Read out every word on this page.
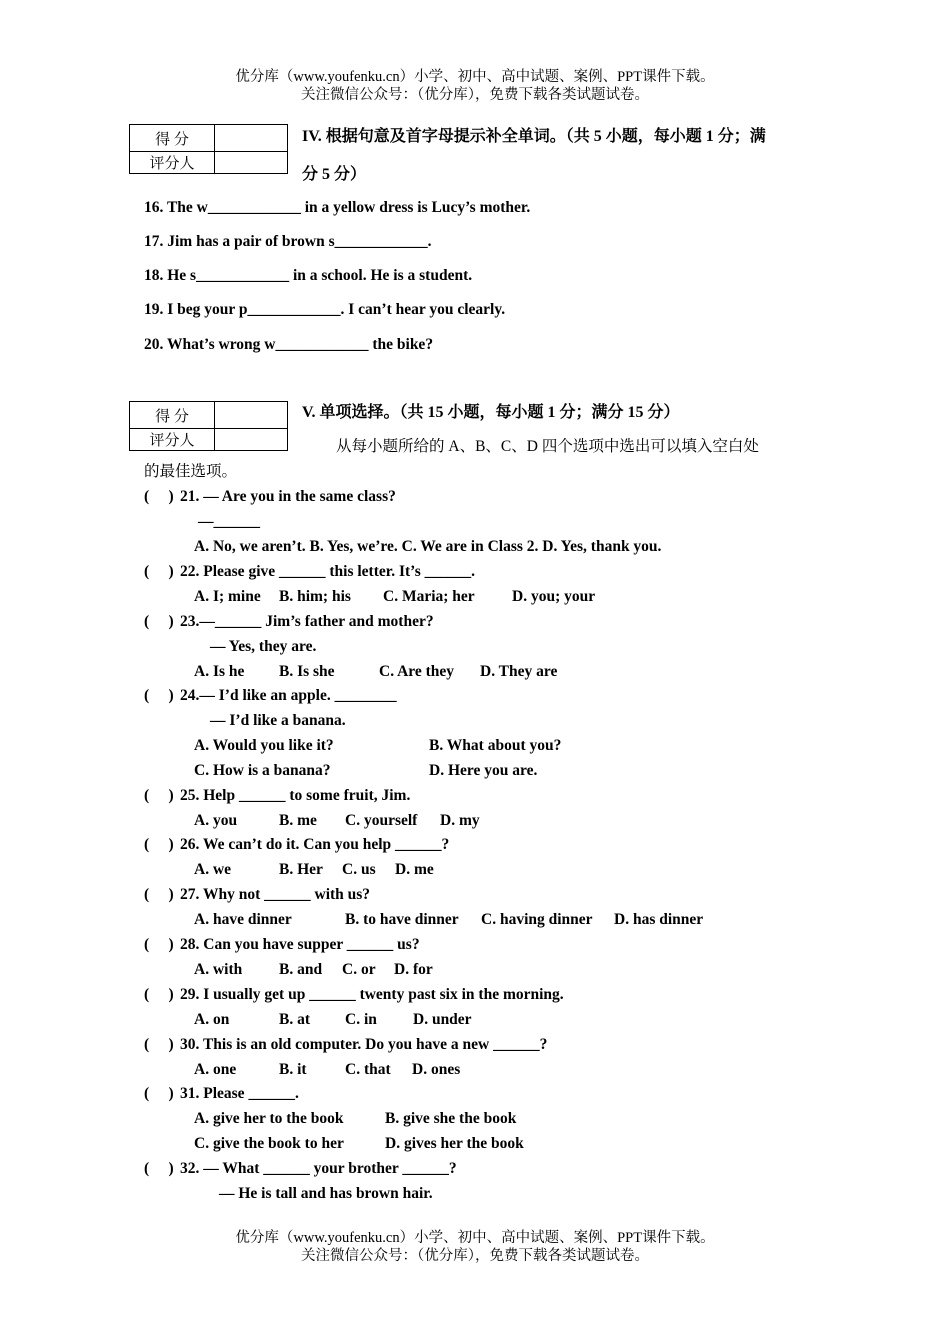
优分库（www.youfenku.cn）小学、初中、高中试题、案例、PPT课件下载。
关注微信公众号：（优分库），免费下载各类试题试卷。
得 分	
评分人	
IV. 根据句意及首字母提示补全单词。（共 5 小题，每小题 1 分；满
分 5 分）
16. The w____________ in a yellow dress is Lucy’s mother.
17. Jim has a pair of brown s____________.
18. He s____________ in a school. He is a student.
19. I beg your p____________. I can’t hear you clearly.
20. What’s wrong w____________ the bike?
得 分	
评分人	
V. 单项选择。（共 15 小题，每小题 1 分；满分 15 分）
从每小题所给的 A、B、C、D 四个选项中选出可以填入空白处
的最佳选项。
(　 ) 21. — Are you in the same class?
—______
A. No, we aren’t. B. Yes, we’re. C. We are in Class 2. D. Yes, thank you.
(　 ) 22. Please give ______ this letter. It’s ______.
A. I; mine B. him; his C. Maria; her D. you; your
(　 ) 23.—______ Jim’s father and mother?
— Yes, they are.
A. Is he B. Is she	C. Are they D. They are
(　 ) 24.— I’d like an apple. ________
— I’d like a banana.
A. Would you like it?	B. What about you?
C. How is a banana?	D. Here you are.
(　 ) 25. Help ______ to some fruit, Jim.
A. you	B. me C. yourself D. my
(　 ) 26. We can’t do it. Can you help ______?
A. we	B. Her C. us D. me
(　 ) 27. Why not ______ with us?
A. have dinner	B. to have dinner C. having dinner D. has dinner
(　 ) 28. Can you have supper ______ us?
A. with B. and C. or D. for
(　 ) 29. I usually get up ______ twenty past six in the morning.
A. on	B. at C. in D. under
(　 ) 30. This is an old computer. Do you have a new ______?
A. one	B. it C. that D. ones
(　 ) 31. Please ______.
A. give her to the book	B. give she the book
C. give the book to her	D. gives her the book
(　 ) 32. — What ______ your brother ______?
— He is tall and has brown hair.
优分库（www.youfenku.cn）小学、初中、高中试题、案例、PPT课件下载。
关注微信公众号：（优分库），免费下载各类试题试卷。
